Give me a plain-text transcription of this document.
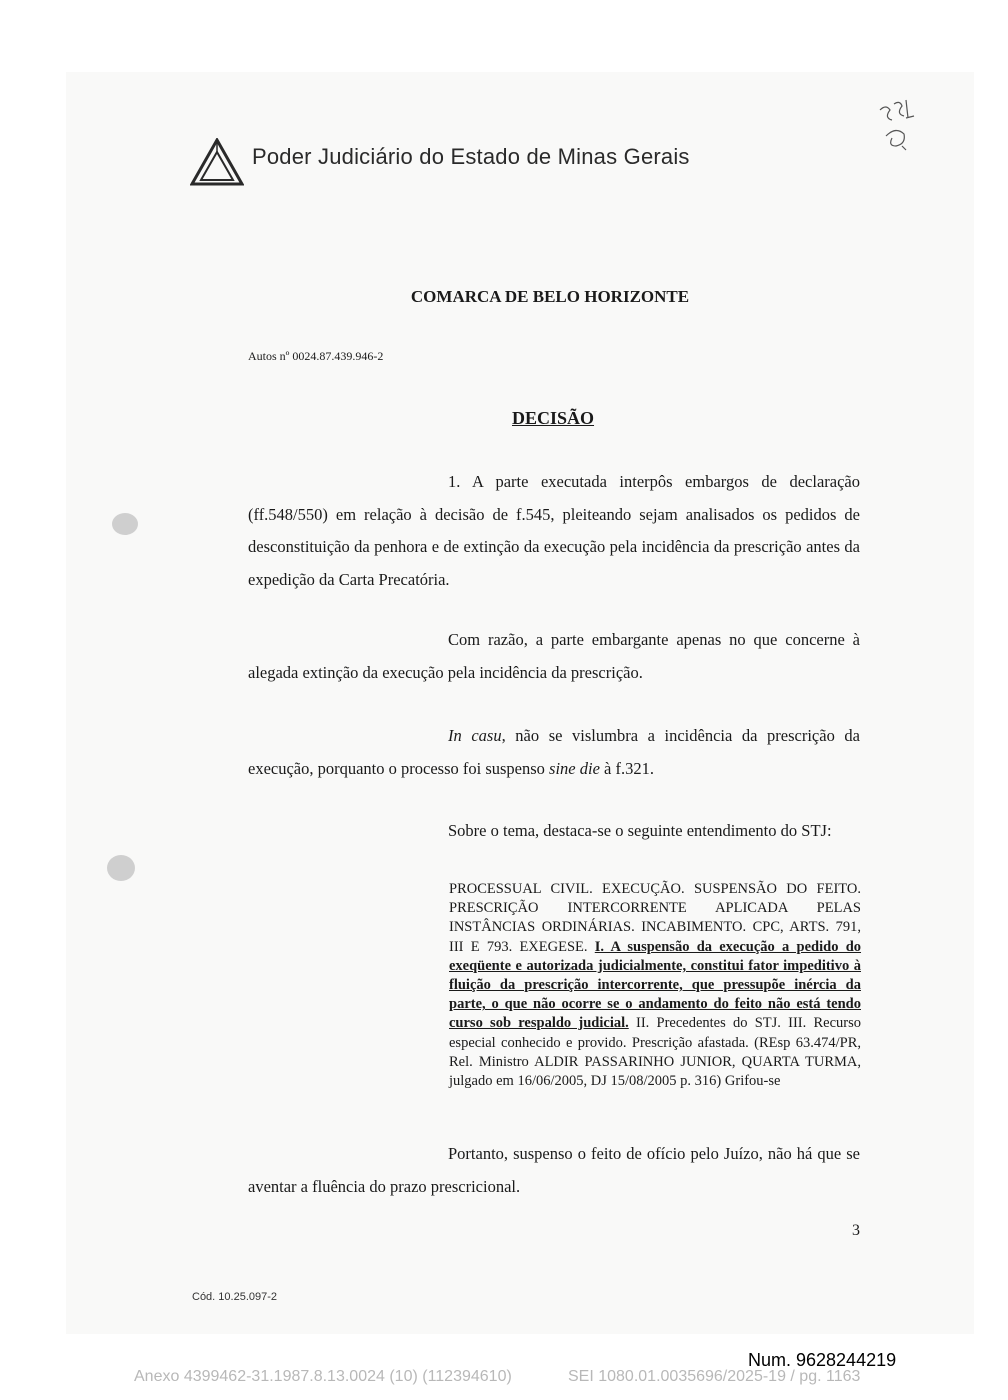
Poder Judiciário do Estado de Minas Gerais
COMARCA DE BELO HORIZONTE
Autos nº 0024.87.439.946-2
DECISÃO
1. A parte executada interpôs embargos de declaração (ff.548/550) em relação à decisão de f.545, pleiteando sejam analisados os pedidos de desconstituição da penhora e de extinção da execução pela incidência da prescrição antes da expedição da Carta Precatória.
Com razão, a parte embargante apenas no que concerne à alegada extinção da execução pela incidência da prescrição.
In casu, não se vislumbra a incidência da prescrição da execução, porquanto o processo foi suspenso sine die à f.321.
Sobre o tema, destaca-se o seguinte entendimento do STJ:
PROCESSUAL CIVIL. EXECUÇÃO. SUSPENSÃO DO FEITO. PRESCRIÇÃO INTERCORRENTE APLICADA PELAS INSTÂNCIAS ORDINÁRIAS. INCABIMENTO. CPC, ARTS. 791, III E 793. EXEGESE. I. A suspensão da execução a pedido do exeqüente e autorizada judicialmente, constitui fator impeditivo à fluição da prescrição intercorrente, que pressupõe inércia da parte, o que não ocorre se o andamento do feito não está tendo curso sob respaldo judicial. II. Precedentes do STJ. III. Recurso especial conhecido e provido. Prescrição afastada. (REsp 63.474/PR, Rel. Ministro ALDIR PASSARINHO JUNIOR, QUARTA TURMA, julgado em 16/06/2005, DJ 15/08/2005 p. 316) Grifou-se
Portanto, suspenso o feito de ofício pelo Juízo, não há que se aventar a fluência do prazo prescricional.
3
Cód. 10.25.097-2
Num. 9628244219
Anexo 4399462-31.1987.8.13.0024 (10) (112394610)	SEI 1080.01.0035696/2025-19 / pg. 1163
